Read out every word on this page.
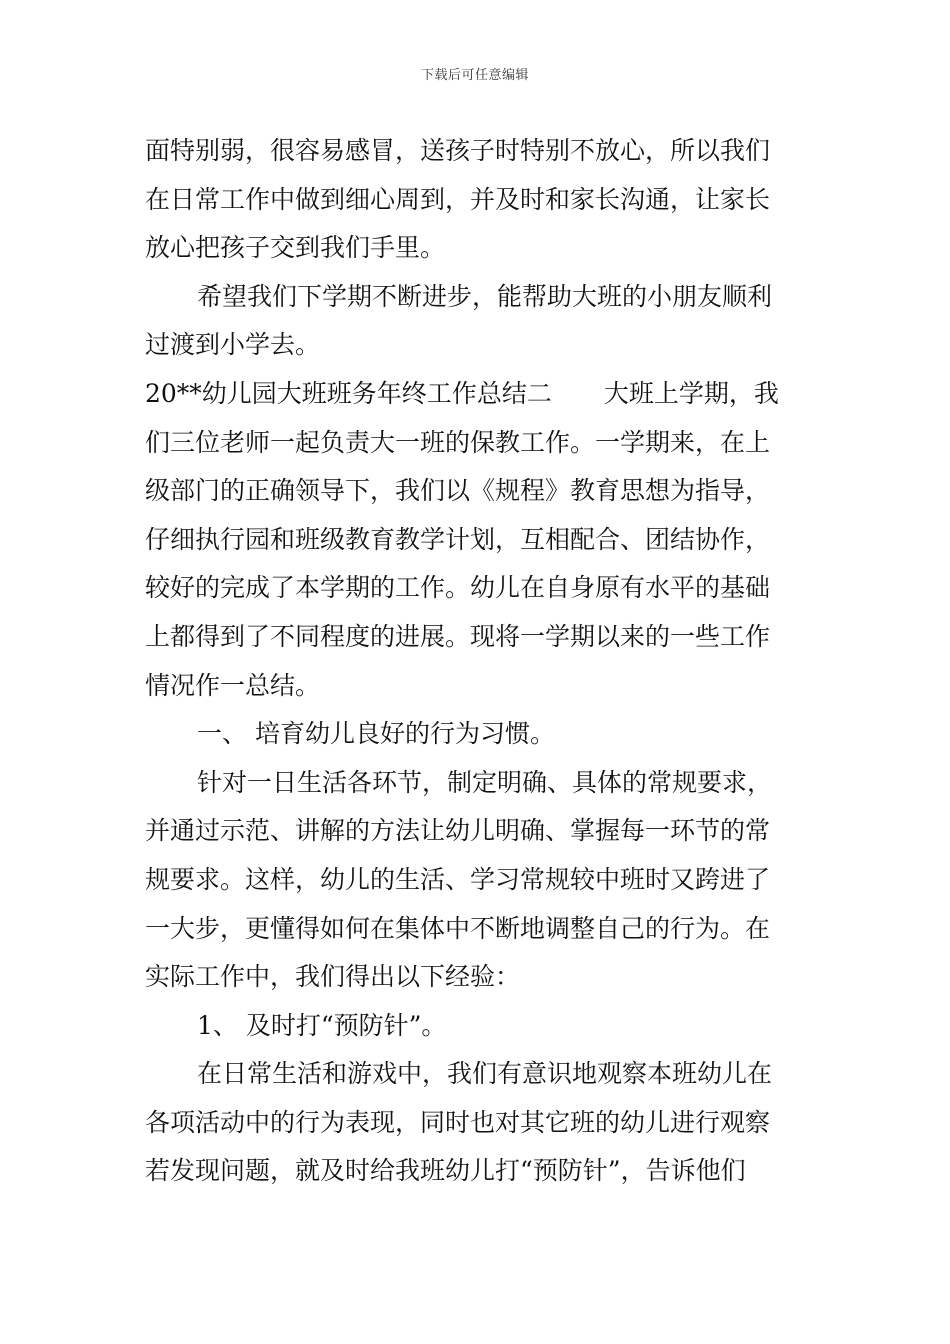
下载后可任意编辑
面特别弱，很容易感冒，送孩子时特别不放心，所以我们
在日常工作中做到细心周到，并及时和家长沟通，让家长
放心把孩子交到我们手里。
希望我们下学期不断进步，能帮助大班的小朋友顺利
过渡到小学去。
20**幼儿园大班班务年终工作总结二 大班上学期，我
们三位老师一起负责大一班的保教工作。一学期来，在上
级部门的正确领导下，我们以《规程》教育思想为指导，
仔细执行园和班级教育教学计划，互相配合、团结协作，
较好的完成了本学期的工作。幼儿在自身原有水平的基础
上都得到了不同程度的进展。现将一学期以来的一些工作
情况作一总结。
一、 培育幼儿良好的行为习惯。
针对一日生活各环节，制定明确、具体的常规要求，
并通过示范、讲解的方法让幼儿明确、掌握每一环节的常
规要求。这样，幼儿的生活、学习常规较中班时又跨进了
一大步，更懂得如何在集体中不断地调整自己的行为。在
实际工作中，我们得出以下经验：
1、 及时打“预防针”。
在日常生活和游戏中，我们有意识地观察本班幼儿在
各项活动中的行为表现，同时也对其它班的幼儿进行观察
若发现问题，就及时给我班幼儿打“预防针”，告诉他们
